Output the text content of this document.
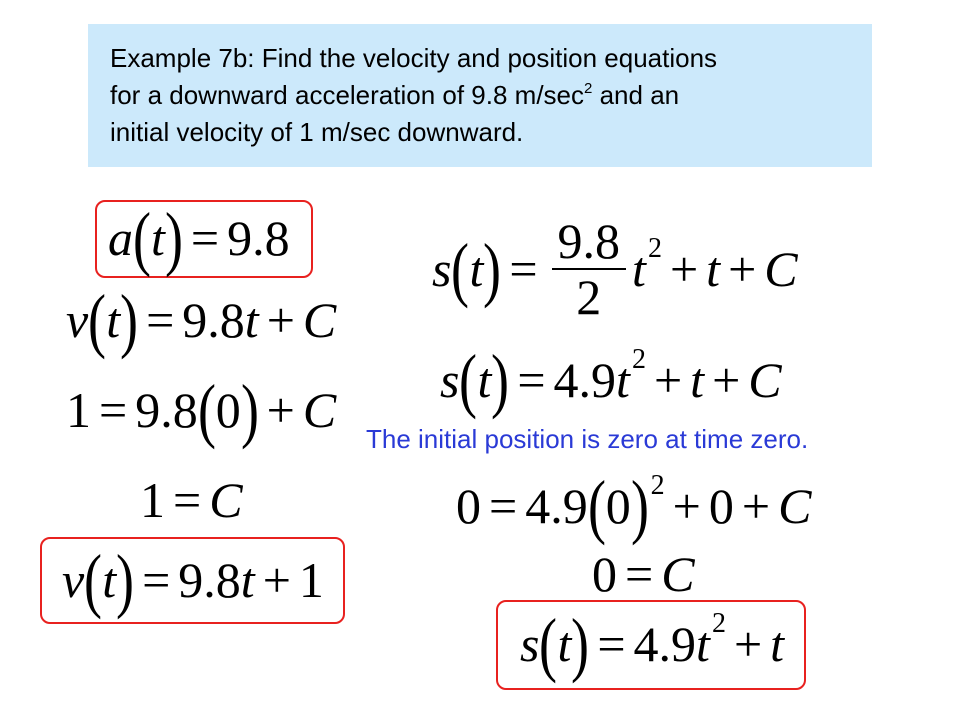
Example 7b: Find the velocity and position equations
for a downward acceleration of 9.8 $m/\sec^2$ and an
initial velocity of 1 m/sec downward.
a ( t ) = 9.8
v ( t ) = 9.8 t + C
1 = 9.8 ( 0 ) + C
1 = C
v ( t ) = 9.8 t + 1
s ( t ) = $\frac{9.8}{2}$ t 2 + t + C
s ( t ) = 4.9 t 2 + t + C
The initial position is zero at time zero.
0 = 4.9 ( 0 ) 2 + 0 + C
0 = C
s ( t ) = 4.9 t 2 + t
